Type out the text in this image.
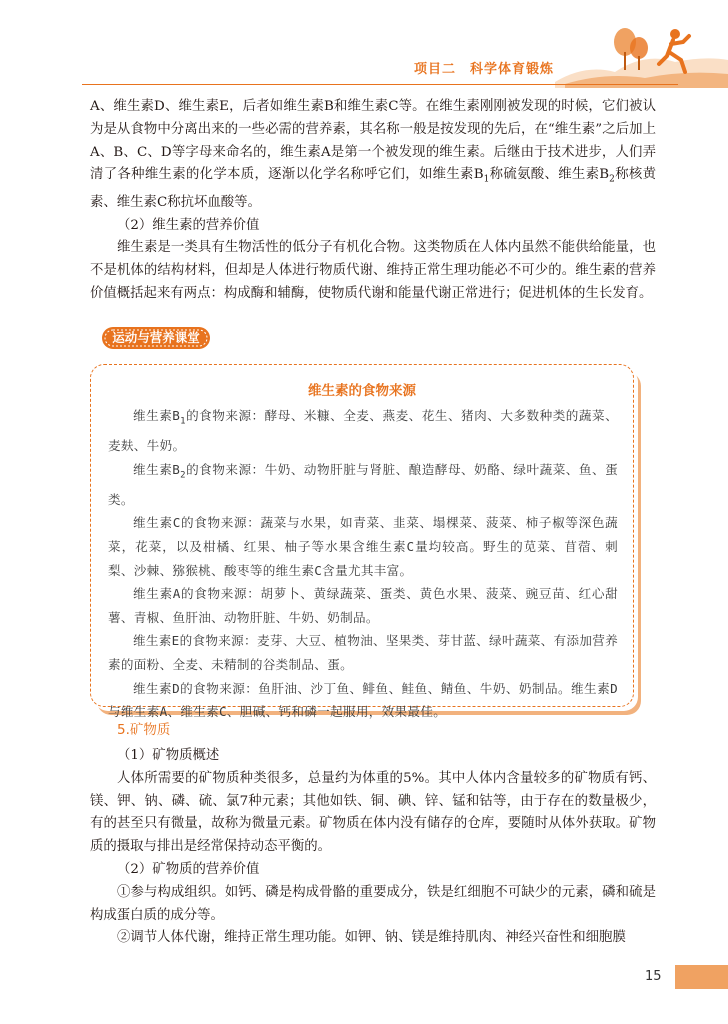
项目二　科学体育锻炼

A、维生素D、维生素E，后者如维生素B和维生素C等。在维生素刚刚被发现的时候，它们被认为是从食物中分离出来的一些必需的营养素，其名称一般是按发现的先后，在“维生素”之后加上A、B、C、D等字母来命名的，维生素A是第一个被发现的维生素。后继由于技术进步，人们弄清了各种维生素的化学本质，逐渐以化学名称呼它们，如维生素$B_1$称硫氨酸、维生素$B_2$称核黄素、维生素C称抗坏血酸等。

（2）维生素的营养价值

维生素是一类具有生物活性的低分子有机化合物。这类物质在人体内虽然不能供给能量，也不是机体的结构材料，但却是人体进行物质代谢、维持正常生理功能必不可少的。维生素的营养价值概括起来有两点：构成酶和辅酶，使物质代谢和能量代谢正常进行；促进机体的生长发育。

运动与营养课堂
维生素的食物来源

维生素$B_1$的食物来源：酵母、米糠、全麦、燕麦、花生、猪肉、大多数种类的蔬菜、麦麸、牛奶。

维生素$B_2$的食物来源：牛奶、动物肝脏与肾脏、酿造酵母、奶酪、绿叶蔬菜、鱼、蛋类。

维生素C的食物来源：蔬菜与水果，如青菜、韭菜、塌棵菜、菠菜、柿子椒等深色蔬菜，花菜，以及柑橘、红果、柚子等水果含维生素C量均较高。野生的苋菜、苜蓿、刺梨、沙棘、猕猴桃、酸枣等的维生素C含量尤其丰富。

维生素A的食物来源：胡萝卜、黄绿蔬菜、蛋类、黄色水果、菠菜、豌豆苗、红心甜薯、青椒、鱼肝油、动物肝脏、牛奶、奶制品。

维生素E的食物来源：麦芽、大豆、植物油、坚果类、芽甘蓝、绿叶蔬菜、有添加营养素的面粉、全麦、未精制的谷类制品、蛋。

维生素D的食物来源：鱼肝油、沙丁鱼、鲱鱼、鲑鱼、鲭鱼、牛奶、奶制品。维生素D与维生素A、维生素C、胆碱、钙和磷一起服用，效果最佳。

5.矿物质

（1）矿物质概述

人体所需要的矿物质种类很多，总量约为体重的5%。其中人体内含量较多的矿物质有钙、镁、钾、钠、磷、硫、氯7种元素；其他如铁、铜、碘、锌、锰和钴等，由于存在的数量极少，有的甚至只有微量，故称为微量元素。矿物质在体内没有储存的仓库，要随时从体外获取。矿物质的摄取与排出是经常保持动态平衡的。

（2）矿物质的营养价值

①参与构成组织。如钙、磷是构成骨骼的重要成分，铁是红细胞不可缺少的元素，磷和硫是构成蛋白质的成分等。

②调节人体代谢，维持正常生理功能。如钾、钠、镁是维持肌肉、神经兴奋性和细胞膜

15
